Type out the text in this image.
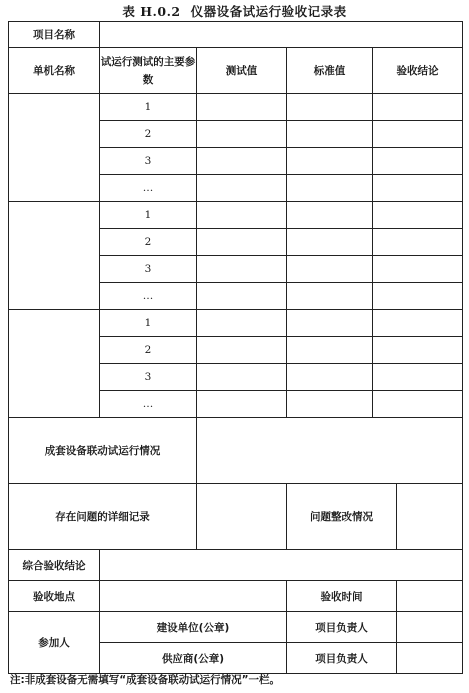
表 H.0.2 仪器设备试运行验收记录表
项目名称					
单机名称	试运行测试的主要参数	测试值	标准值	验收结论	
	1				
	2				
	3				
	…				
	1				
	2				
	3				
	…				
	1				
	2				
	3				
	…				
成套设备联动试运行情况					
存在问题的详细记录			问题整改情况		
综合验收结论					
验收地点			验收时间		
参加人	建设单位(公章)		项目负责人		
	供应商(公章)		项目负责人		
注:非成套设备无需填写“成套设备联动试运行情况”一栏。
